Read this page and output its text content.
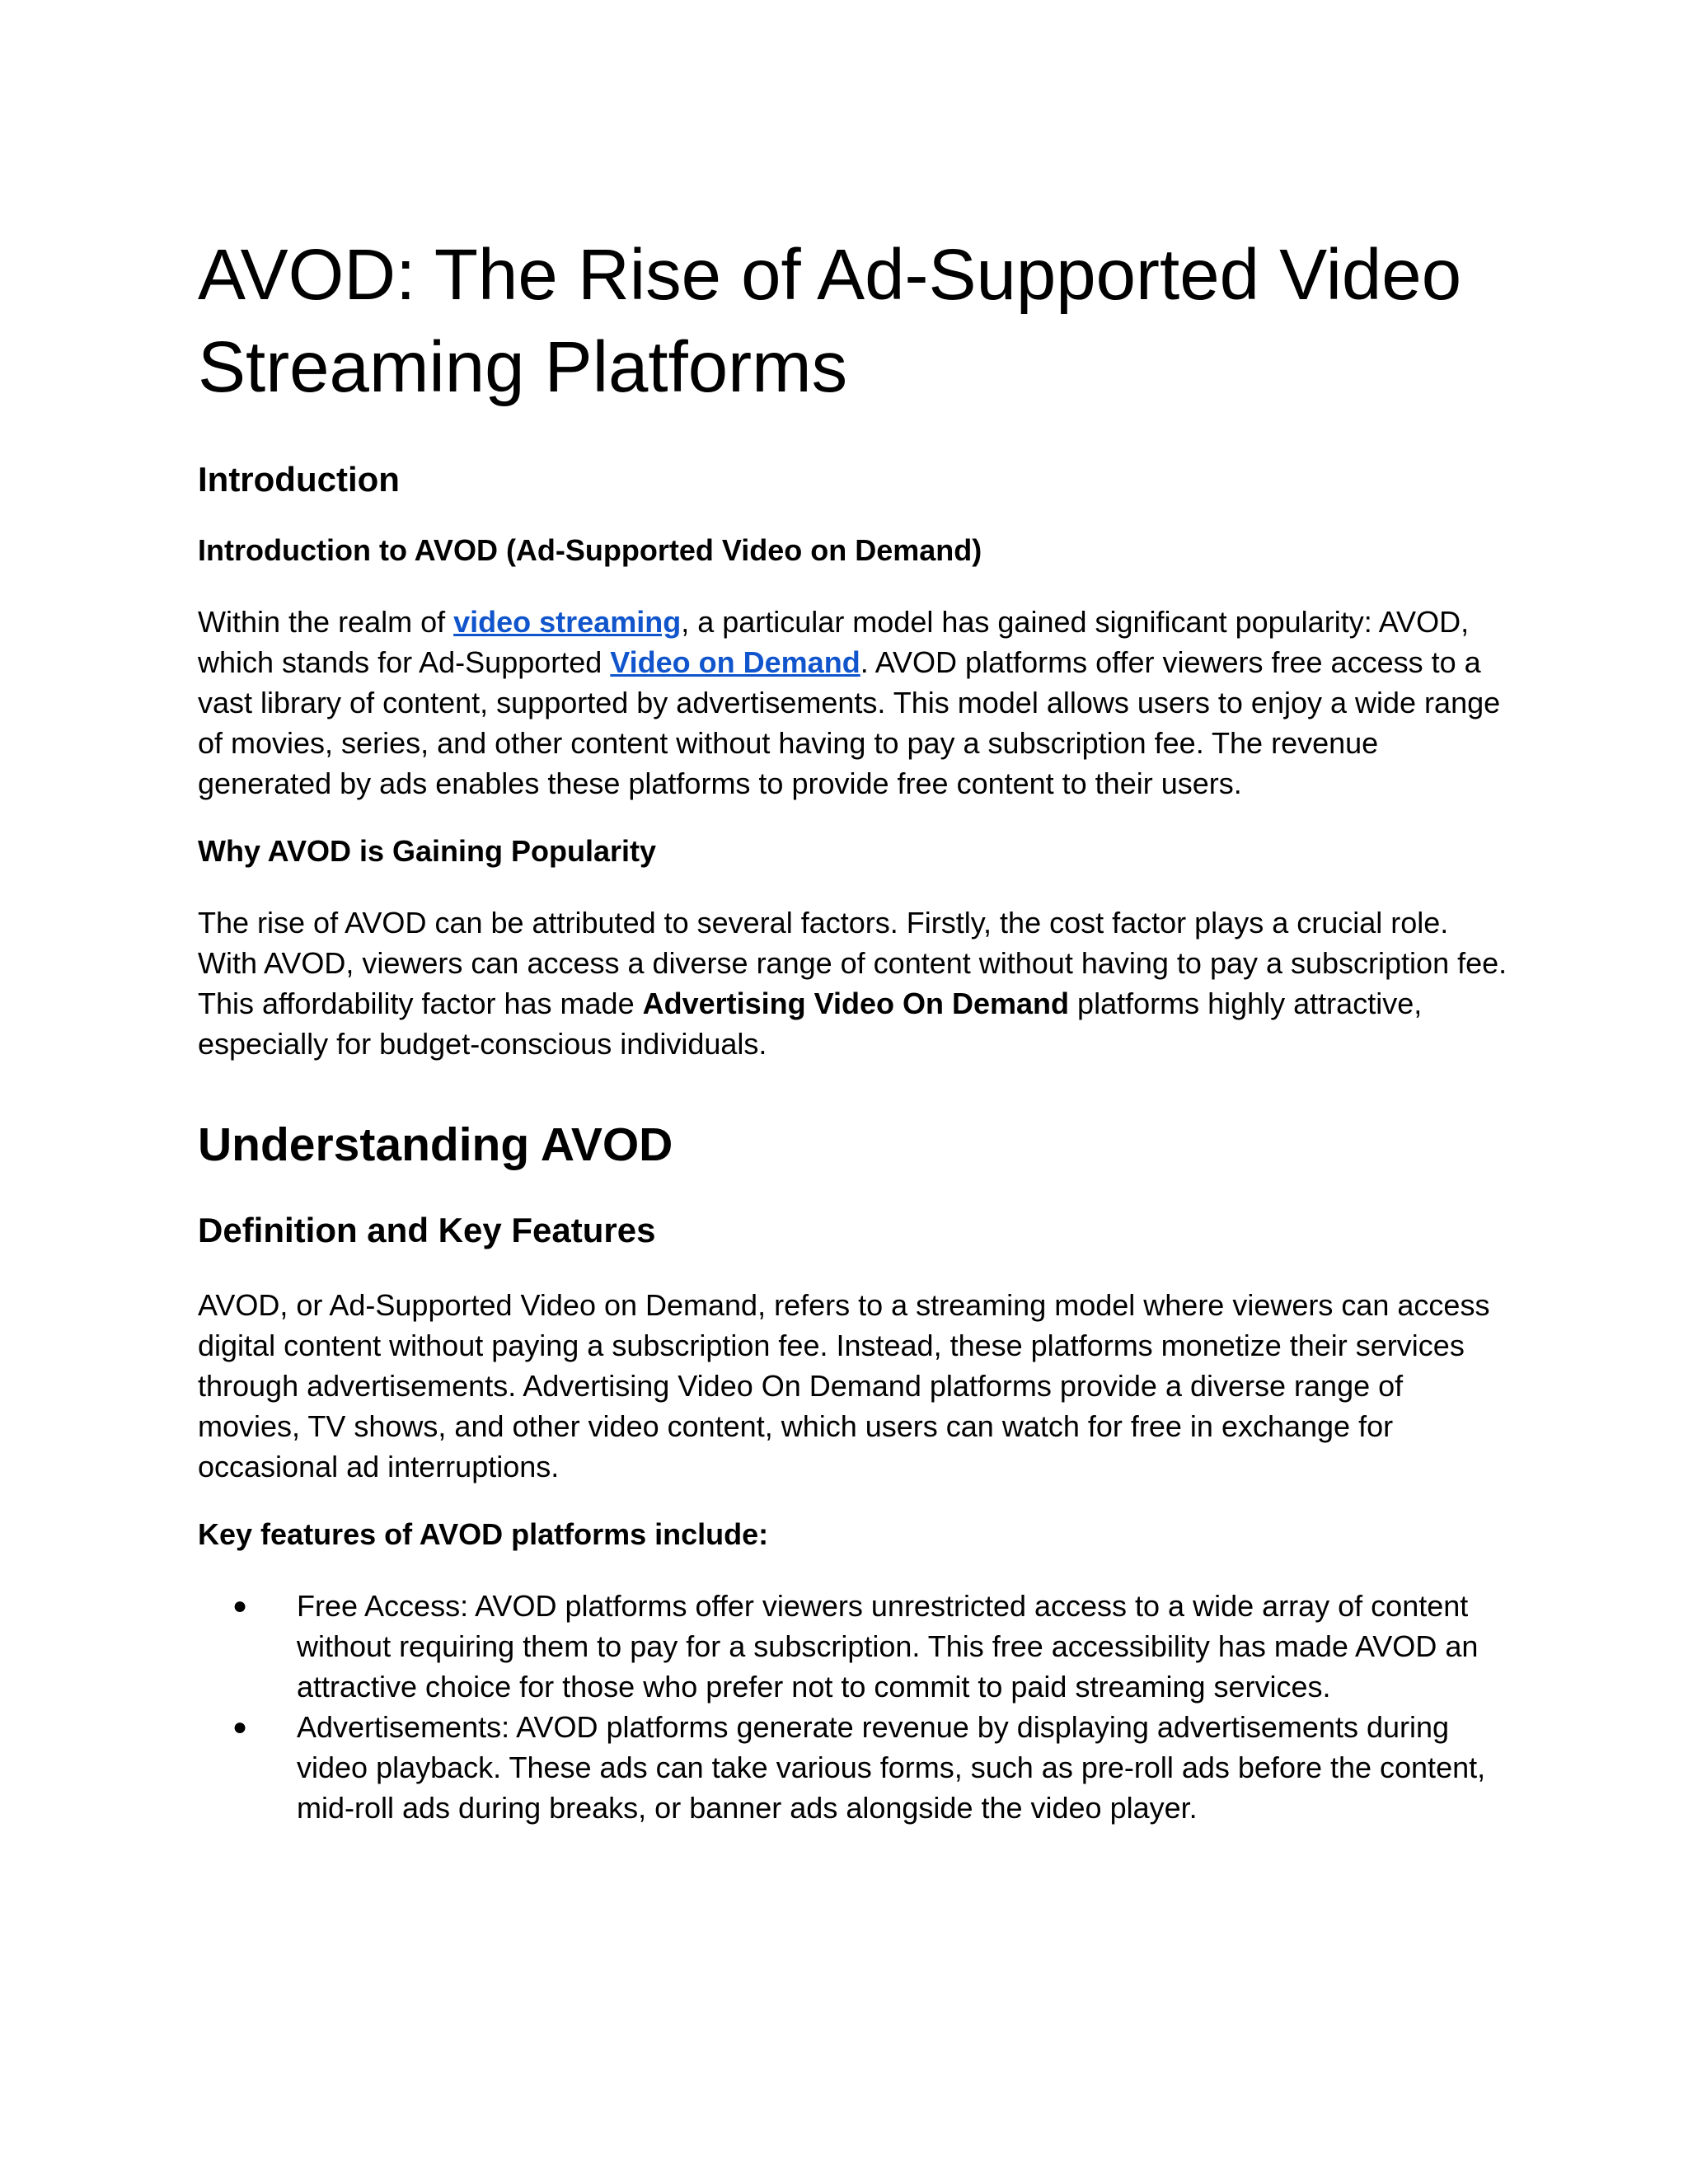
AVOD: The Rise of Ad-Supported Video Streaming Platforms
Introduction
Introduction to AVOD (Ad-Supported Video on Demand)

Within the realm of video streaming, a particular model has gained significant popularity: AVOD, which stands for Ad-Supported Video on Demand. AVOD platforms offer viewers free access to a vast library of content, supported by advertisements. This model allows users to enjoy a wide range of movies, series, and other content without having to pay a subscription fee. The revenue generated by ads enables these platforms to provide free content to their users.

Why AVOD is Gaining Popularity

The rise of AVOD can be attributed to several factors. Firstly, the cost factor plays a crucial role. With AVOD, viewers can access a diverse range of content without having to pay a subscription fee. This affordability factor has made Advertising Video On Demand platforms highly attractive, especially for budget-conscious individuals.

Understanding AVOD
Definition and Key Features

AVOD, or Ad-Supported Video on Demand, refers to a streaming model where viewers can access digital content without paying a subscription fee. Instead, these platforms monetize their services through advertisements. Advertising Video On Demand platforms provide a diverse range of movies, TV shows, and other video content, which users can watch for free in exchange for occasional ad interruptions.

Key features of AVOD platforms include:
● Free Access: AVOD platforms offer viewers unrestricted access to a wide array of content without requiring them to pay for a subscription. This free accessibility has made AVOD an attractive choice for those who prefer not to commit to paid streaming services.
● Advertisements: AVOD platforms generate revenue by displaying advertisements during video playback. These ads can take various forms, such as pre-roll ads before the content, mid-roll ads during breaks, or banner ads alongside the video player.
